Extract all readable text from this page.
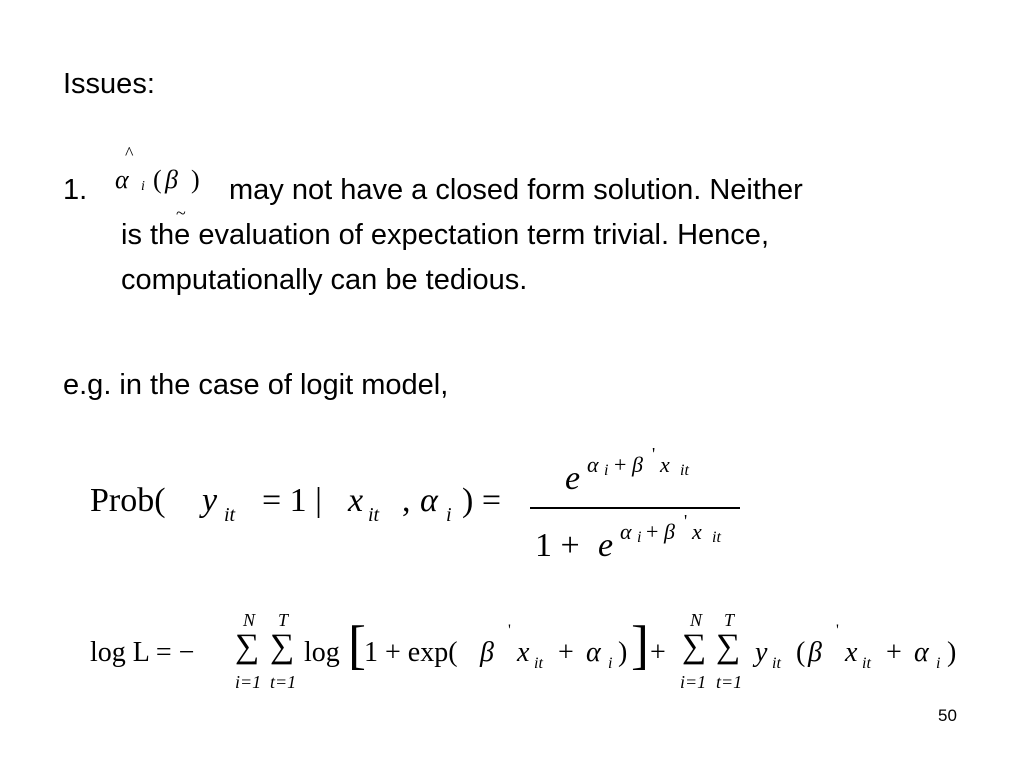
Issues:
1.
^
α i ( β ) may not have a closed form solution. Neither
is the evaluation of expectation term trivial. Hence,
~
computationally can be tedious.
e.g. in the case of logit model,
Prob( y it = 1 | x it , α i ) =
e α i + β ' x it
1 + e α i + β ' x it
log L = −
N
∑
i=1
T
∑
t=1
log [
1 + exp( β
'
x it + α i ) ] +
N
∑
i=1
T
∑
t=1
y it ( β
'
x it + α i )
50
